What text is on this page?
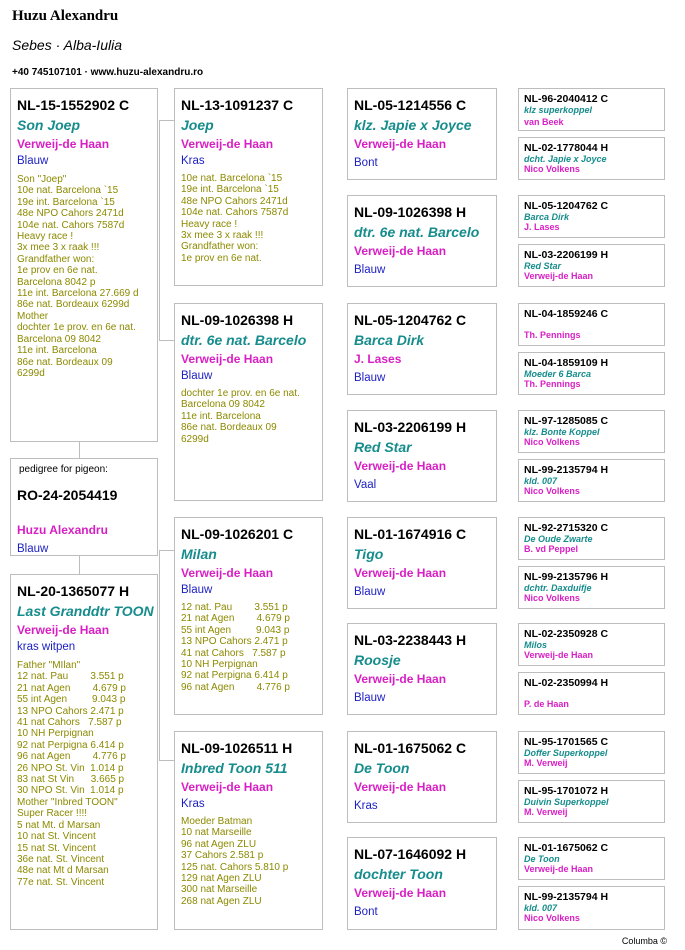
Huzu Alexandru
Sebes · Alba-Iulia
+40 745107101 · www.huzu-alexandru.ro
NL-15-1552902 C
Son Joep
Verweij-de Haan
Blauw
Son "Joep"
10e nat. Barcelona `15
19e int. Barcelona `15
48e NPO Cahors 2471d
104e nat. Cahors 7587d
Heavy race !
3x mee 3 x raak !!!
Grandfather won:
1e prov en 6e nat.
Barcelona 8042 p
11e int. Barcelona 27.669 d
86e nat. Bordeaux 6299d
Mother
dochter 1e prov. en 6e nat.
Barcelona 09 8042
11e int. Barcelona
86e nat. Bordeaux 09
6299d
pedigree for pigeon:
RO-24-2054419
Huzu Alexandru
Blauw
NL-20-1365077 H
Last Granddtr TOON
Verweij-de Haan
kras witpen
Father "MIlan"
12 nat. Pau        3.551 p
21 nat Agen        4.679 p
55 int Agen         9.043 p
13 NPO Cahors 2.471 p
41 nat Cahors   7.587 p
10 NH Perpignan
92 nat Perpigna 6.414 p
96 nat Agen        4.776 p
26 NPO St. Vin  1.014 p
83 nat St Vin      3.665 p
30 NPO St. Vin  1.014 p
Mother "Inbred TOON"
Super Racer !!!!
5 nat Mt. d Marsan
10 nat St. Vincent
15 nat St. Vincent
36e nat. St. Vincent
48e nat Mt d Marsan
77e nat. St. Vincent
NL-13-1091237 C
Joep
Verweij-de Haan
Kras
10e nat. Barcelona `15
19e int. Barcelona `15
48e NPO Cahors 2471d
104e nat. Cahors 7587d
Heavy race !
3x mee 3 x raak !!!
Grandfather won:
1e prov en 6e nat.
NL-09-1026398 H
dtr. 6e nat. Barcelo
Verweij-de Haan
Blauw
dochter 1e prov. en 6e nat.
Barcelona 09 8042
11e int. Barcelona
86e nat. Bordeaux 09
6299d
NL-09-1026201 C
Milan
Verweij-de Haan
Blauw
12 nat. Pau        3.551 p
21 nat Agen        4.679 p
55 int Agen         9.043 p
13 NPO Cahors 2.471 p
41 nat Cahors   7.587 p
10 NH Perpignan
92 nat Perpigna 6.414 p
96 nat Agen        4.776 p
NL-09-1026511 H
Inbred Toon 511
Verweij-de Haan
Kras
Moeder Batman
10 nat Marseille
96 nat Agen ZLU
37 Cahors 2.581 p
125 nat. Cahors 5.810 p
129 nat Agen ZLU
300 nat Marseille
268 nat Agen ZLU
NL-05-1214556 C
klz. Japie x Joyce
Verweij-de Haan
Bont
NL-09-1026398 H
dtr. 6e nat. Barcelo
Verweij-de Haan
Blauw
NL-05-1204762 C
Barca Dirk
J. Lases
Blauw
NL-03-2206199 H
Red Star
Verweij-de Haan
Vaal
NL-01-1674916 C
Tigo
Verweij-de Haan
Blauw
NL-03-2238443 H
Roosje
Verweij-de Haan
Blauw
NL-01-1675062 C
De Toon
Verweij-de Haan
Kras
NL-07-1646092 H
dochter Toon
Verweij-de Haan
Bont
NL-96-2040412 C
klz superkoppel
van Beek
NL-02-1778044 H
dcht. Japie x Joyce
Nico Volkens
NL-05-1204762 C
Barca Dirk
J. Lases
NL-03-2206199 H
Red Star
Verweij-de Haan
NL-04-1859246 C
Th. Pennings
NL-04-1859109 H
Moeder 6 Barca
Th. Pennings
NL-97-1285085 C
klz. Bonte Koppel
Nico Volkens
NL-99-2135794 H
kld. 007
Nico Volkens
NL-92-2715320 C
De Oude Zwarte
B. vd Peppel
NL-99-2135796 H
dchtr. Daxduifje
Nico Volkens
NL-02-2350928 C
Milos
Verweij-de Haan
NL-02-2350994 H
P. de Haan
NL-95-1701565 C
Doffer Superkoppel
M. Verweij
NL-95-1701072 H
Duivin Superkoppel
M. Verweij
NL-01-1675062 C
De Toon
Verweij-de Haan
NL-99-2135794 H
kld. 007
Nico Volkens
Columba ©
